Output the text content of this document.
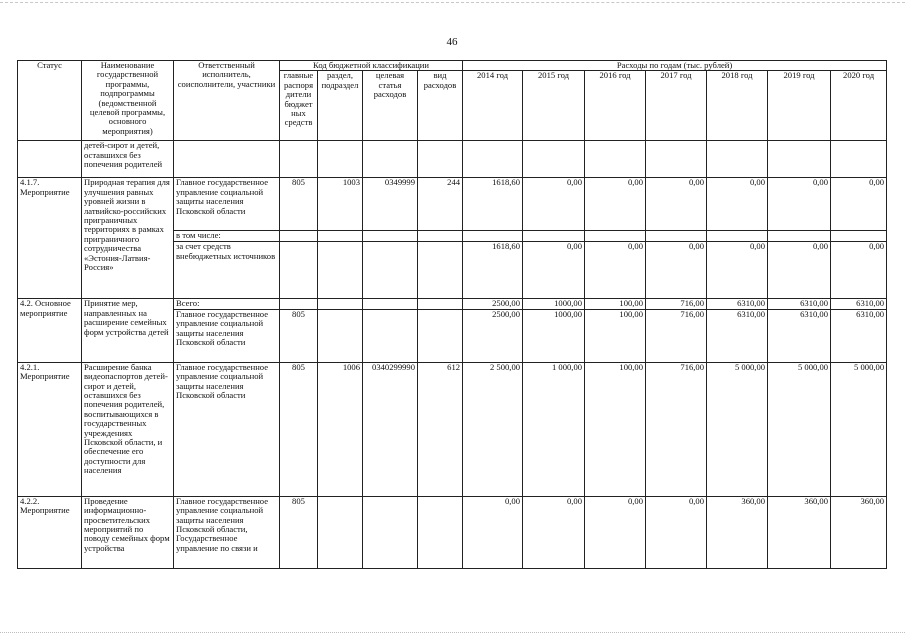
46
Статус	Наименование государственной программы, подпрограммы (ведомственной целевой программы, основного мероприятия)	Ответственный исполнитель, соисполнители, участники	Код бюджетной классификации				Расходы по годам (тыс. рублей)						
			главные распоря дители бюджет ных средств	раздел, подраздел	целевая статья расходов	вид расходов	2014 год	2015 год	2016 год	2017 год	2018 год	2019 год	2020 год
	детей-сирот и детей, оставшихся без попечения родителей												
4.1.7. Мероприятие	Природная терапия для улучшения равных уровней жизни в латвийско-российских приграничных территориях в рамках приграничного сотрудничества «Эстония-Латвия-Россия»	Главное государственное управление социальной защиты населения Псковской области	805	1003	0349999	244	1618,60	0,00	0,00	0,00	0,00	0,00	0,00
		в том числе:											
		за счет средств внебюджетных источников					1618,60	0,00	0,00	0,00	0,00	0,00	0,00
4.2. Основное мероприятие	Принятие мер, направленных на расширение семейных форм устройства детей	Всего:					2500,00	1000,00	100,00	716,00	6310,00	6310,00	6310,00
		Главное государственное управление социальной защиты населения Псковской области	805				2500,00	1000,00	100,00	716,00	6310,00	6310,00	6310,00
4.2.1. Мероприятие	Расширение банка видеопаспортов детей-сирот и детей, оставшихся без попечения родителей, воспитывающихся в государственных учреждениях Псковской области, и обеспечение его доступности для населения	Главное государственное управление социальной защиты населения Псковской области	805	1006	0340299990	612	2 500,00	1 000,00	100,00	716,00	5 000,00	5 000,00	5 000,00
4.2.2. Мероприятие	Проведение информационно-просветительских мероприятий по поводу семейных форм устройства	Главное государственное управление социальной защиты населения Псковской области, Государственное управление по связи и	805				0,00	0,00	0,00	0,00	360,00	360,00	360,00
